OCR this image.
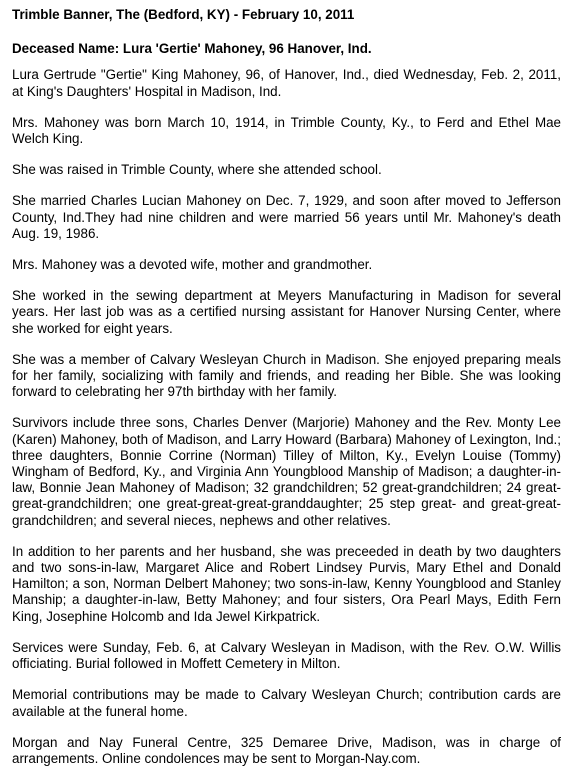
Trimble Banner, The (Bedford, KY) - February 10, 2011
Deceased Name: Lura 'Gertie' Mahoney, 96 Hanover, Ind.

Lura Gertrude "Gertie" King Mahoney, 96, of Hanover, Ind., died Wednesday, Feb. 2, 2011, at King's Daughters' Hospital in Madison, Ind.

Mrs. Mahoney was born March 10, 1914, in Trimble County, Ky., to Ferd and Ethel Mae Welch King.

She was raised in Trimble County, where she attended school.

She married Charles Lucian Mahoney on Dec. 7, 1929, and soon after moved to Jefferson County, Ind.They had nine children and were married 56 years until Mr. Mahoney's death Aug. 19, 1986.

Mrs. Mahoney was a devoted wife, mother and grandmother.

She worked in the sewing department at Meyers Manufacturing in Madison for several years. Her last job was as a certified nursing assistant for Hanover Nursing Center, where she worked for eight years.

She was a member of Calvary Wesleyan Church in Madison. She enjoyed preparing meals for her family, socializing with family and friends, and reading her Bible. She was looking forward to celebrating her 97th birthday with her family.

Survivors include three sons, Charles Denver (Marjorie) Mahoney and the Rev. Monty Lee (Karen) Mahoney, both of Madison, and Larry Howard (Barbara) Mahoney of Lexington, Ind.; three daughters, Bonnie Corrine (Norman) Tilley of Milton, Ky., Evelyn Louise (Tommy) Wingham of Bedford, Ky., and Virginia Ann Youngblood Manship of Madison; a daughter-in-law, Bonnie Jean Mahoney of Madison; 32 grandchildren; 52 great-grandchildren; 24 great-great-grandchildren; one great-great-great-granddaughter; 25 step great- and great-great-grandchildren; and several nieces, nephews and other relatives.

In addition to her parents and her husband, she was preceeded in death by two daughters and two sons-in-law, Margaret Alice and Robert Lindsey Purvis, Mary Ethel and Donald Hamilton; a son, Norman Delbert Mahoney; two sons-in-law, Kenny Youngblood and Stanley Manship; a daughter-in-law, Betty Mahoney; and four sisters, Ora Pearl Mays, Edith Fern King, Josephine Holcomb and Ida Jewel Kirkpatrick.

Services were Sunday, Feb. 6, at Calvary Wesleyan in Madison, with the Rev. O.W. Willis officiating. Burial followed in Moffett Cemetery in Milton.

Memorial contributions may be made to Calvary Wesleyan Church; contribution cards are available at the funeral home.

Morgan and Nay Funeral Centre, 325 Demaree Drive, Madison, was in charge of arrangements. Online condolences may be sent to Morgan-Nay.com.
